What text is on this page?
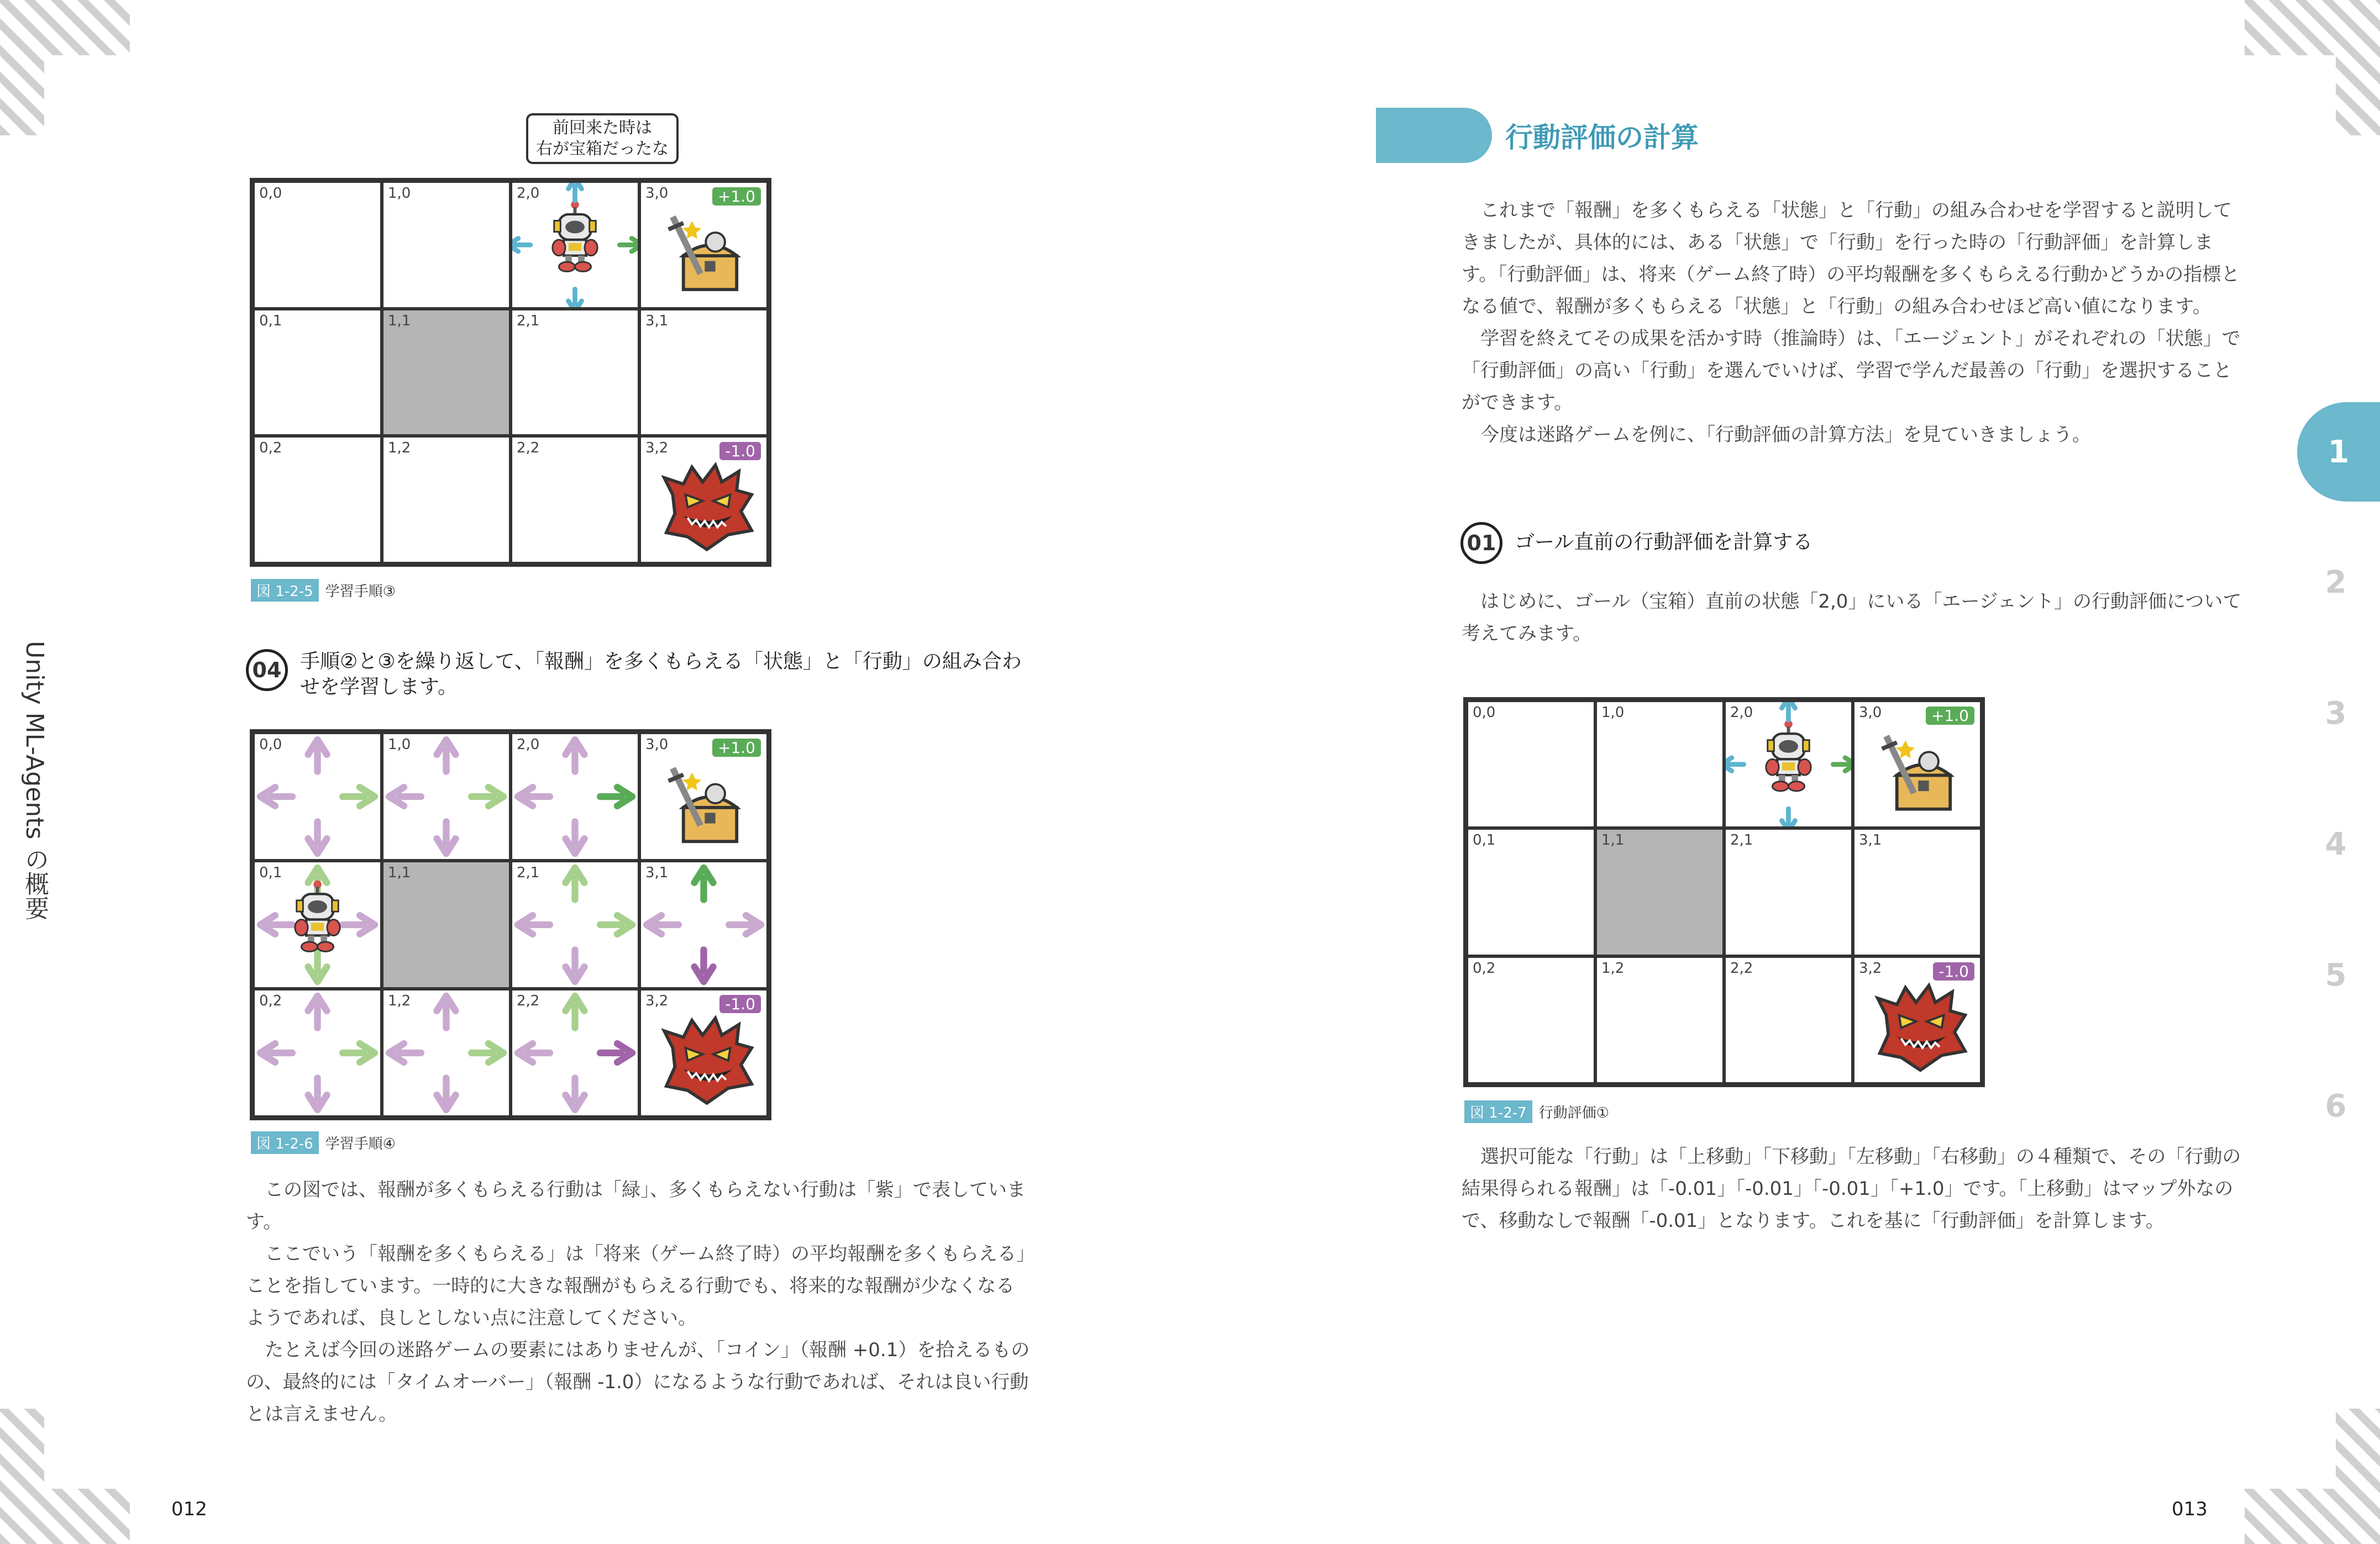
Unity ML-Agents の概要
前回来た時は
右が宝箱だったな
0,0	1,0	2,0	3,0	+1.0
0,1	1,1	2,1	3,1
0,2	1,2	2,2	3,2	-1.0
図 1-2-5 学習手順③
04 手順②と③を繰り返して、「報酬」を多くもらえる「状態」と「行動」の組み合わせを学習します。
0,0	1,0	2,0	3,0	+1.0
0,1	1,1	2,1	3,1
0,2	1,2	2,2	3,2	-1.0
図 1-2-6 学習手順④

この図では、報酬が多くもらえる行動は「緑」、多くもらえない行動は「紫」で表しています。

ここでいう「報酬を多くもらえる」は「将来（ゲーム終了時）の平均報酬を多くもらえる」ことを指しています。一時的に大きな報酬がもらえる行動でも、将来的な報酬が少なくなるようであれば、良しとしない点に注意してください。

たとえば今回の迷路ゲームの要素にはありませんが、「コイン」（報酬 +0.1）を拾えるものの、最終的には「タイムオーバー」（報酬 -1.0）になるような行動であれば、それは良い行動とは言えません。

012
行動評価の計算

これまで「報酬」を多くもらえる「状態」と「行動」の組み合わせを学習すると説明してきましたが、具体的には、ある「状態」で「行動」を行った時の「行動評価」を計算します。「行動評価」は、将来（ゲーム終了時）の平均報酬を多くもらえる行動かどうかの指標となる値で、報酬が多くもらえる「状態」と「行動」の組み合わせほど高い値になります。

学習を終えてその成果を活かす時（推論時）は、「エージェント」がそれぞれの「状態」で「行動評価」の高い「行動」を選んでいけば、学習で学んだ最善の「行動」を選択することができます。

今度は迷路ゲームを例に、「行動評価の計算方法」を見ていきましょう。

01 ゴール直前の行動評価を計算する

はじめに、ゴール（宝箱）直前の状態「2,0」にいる「エージェント」の行動評価について考えてみます。

0,0	1,0	2,0	3,0	+1.0
0,1	1,1	2,1	3,1
0,2	1,2	2,2	3,2	-1.0
図 1-2-7 行動評価①

選択可能な「行動」は「上移動」「下移動」「左移動」「右移動」の４種類で、その「行動の結果得られる報酬」は「-0.01」「-0.01」「-0.01」「+1.0」です。「上移動」はマップ外なので、移動なしで報酬「-0.01」となります。これを基に「行動評価」を計算します。

013
1
2
3
4
5
6
